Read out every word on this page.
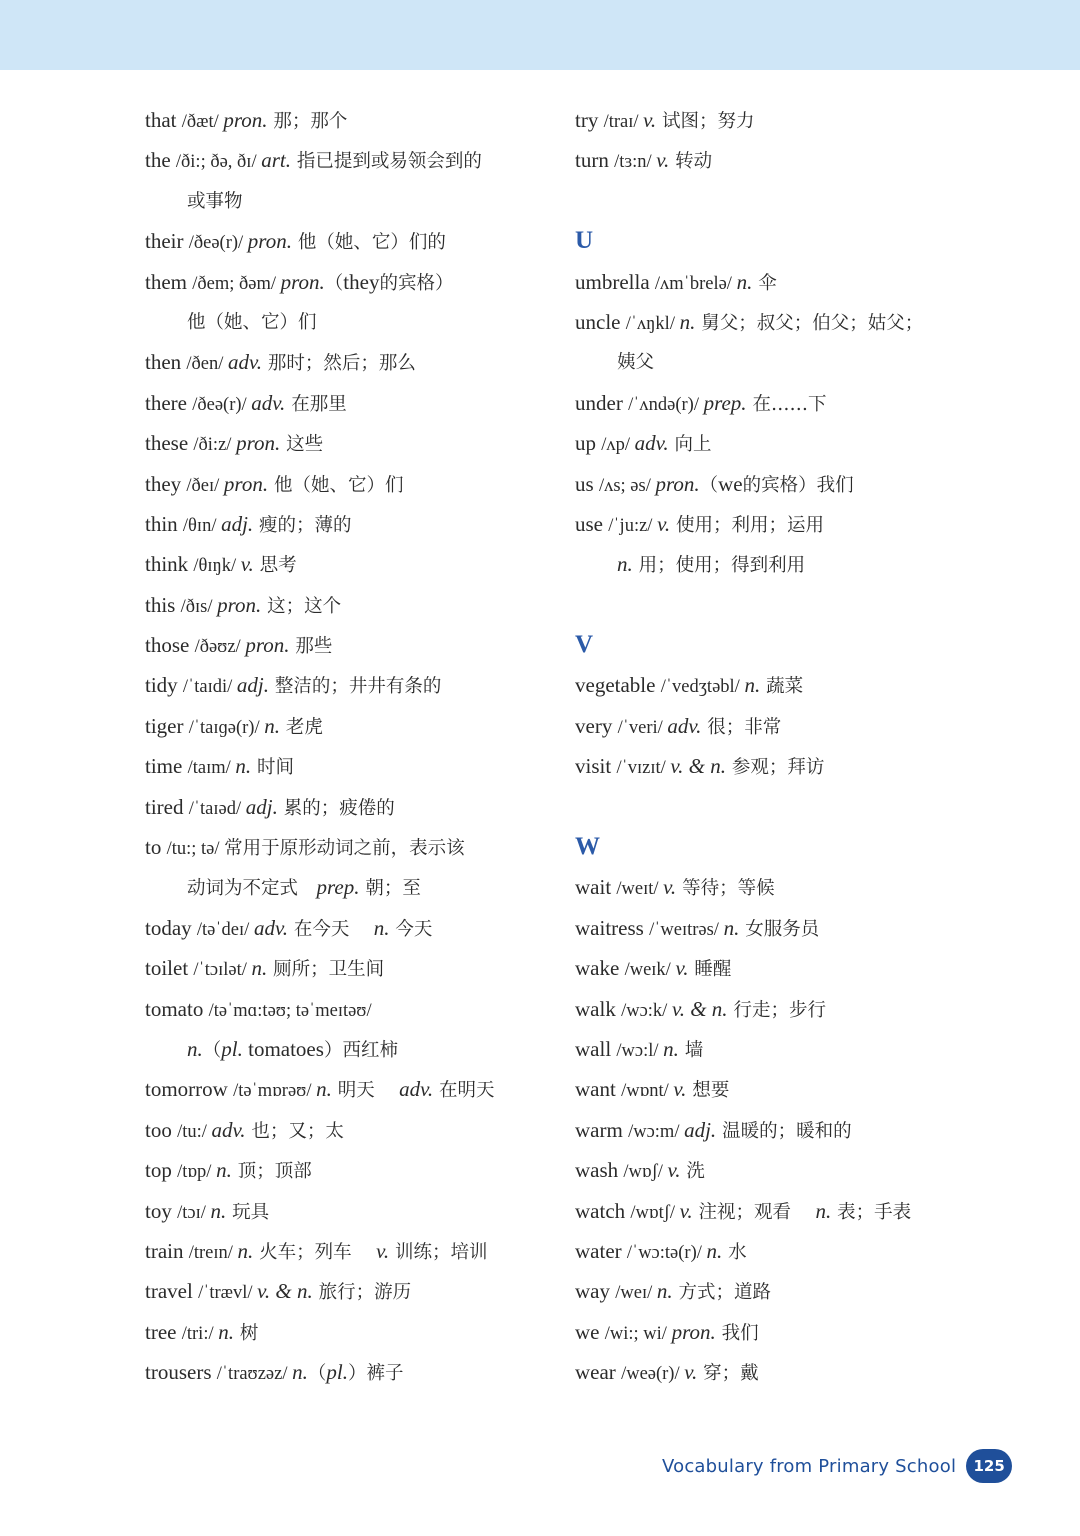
that /ðæt/ pron. 那；那个
the /ði:; ðə, ðɪ/ art. 指已提到或易领会到的
或事物
their /ðeə(r)/ pron. 他（她、它）们的
them /ðem; ðəm/ pron.（they的宾格）
他（她、它）们
then /ðen/ adv. 那时；然后；那么
there /ðeə(r)/ adv. 在那里
these /ði:z/ pron. 这些
they /ðeɪ/ pron. 他（她、它）们
thin /θɪn/ adj. 瘦的；薄的
think /θɪŋk/ v. 思考
this /ðɪs/ pron. 这；这个
those /ðəʊz/ pron. 那些
tidy /ˈtaɪdi/ adj. 整洁的；井井有条的
tiger /ˈtaɪɡə(r)/ n. 老虎
time /taɪm/ n. 时间
tired /ˈtaɪəd/ adj. 累的；疲倦的
to /tu:; tə/ 常用于原形动词之前，表示该
动词为不定式　prep. 朝；至
today /təˈdeɪ/ adv. 在今天　 n. 今天
toilet /ˈtɔɪlət/ n. 厕所；卫生间
tomato /təˈmɑ:təʊ; təˈmeɪtəʊ/
n.（pl. tomatoes）西红柿
tomorrow /təˈmɒrəʊ/ n. 明天　 adv. 在明天
too /tu:/ adv. 也；又；太
top /tɒp/ n. 顶；顶部
toy /tɔɪ/ n. 玩具
train /treɪn/ n. 火车；列车　 v. 训练；培训
travel /ˈtrævl/ v. & n. 旅行；游历
tree /tri:/ n. 树
trousers /ˈtraʊzəz/ n.（pl.）裤子
try /traɪ/ v. 试图；努力
turn /tɜ:n/ v. 转动
U
umbrella /ʌmˈbrelə/ n. 伞
uncle /ˈʌŋkl/ n. 舅父；叔父；伯父；姑父；
姨父
under /ˈʌndə(r)/ prep. 在……下
up /ʌp/ adv. 向上
us /ʌs; əs/ pron.（we的宾格）我们
use /ˈju:z/ v. 使用；利用；运用
n. 用；使用；得到利用
V
vegetable /ˈvedʒtəbl/ n. 蔬菜
very /ˈveri/ adv. 很；非常
visit /ˈvɪzɪt/ v. & n. 参观；拜访
W
wait /weɪt/ v. 等待；等候
waitress /ˈweɪtrəs/ n. 女服务员
wake /weɪk/ v. 睡醒
walk /wɔ:k/ v. & n. 行走；步行
wall /wɔ:l/ n. 墙
want /wɒnt/ v. 想要
warm /wɔ:m/ adj. 温暖的；暖和的
wash /wɒʃ/ v. 洗
watch /wɒtʃ/ v. 注视；观看　 n. 表；手表
water /ˈwɔ:tə(r)/ n. 水
way /weɪ/ n. 方式；道路
we /wi:; wi/ pron. 我们
wear /weə(r)/ v. 穿；戴
Vocabulary from Primary School	125
